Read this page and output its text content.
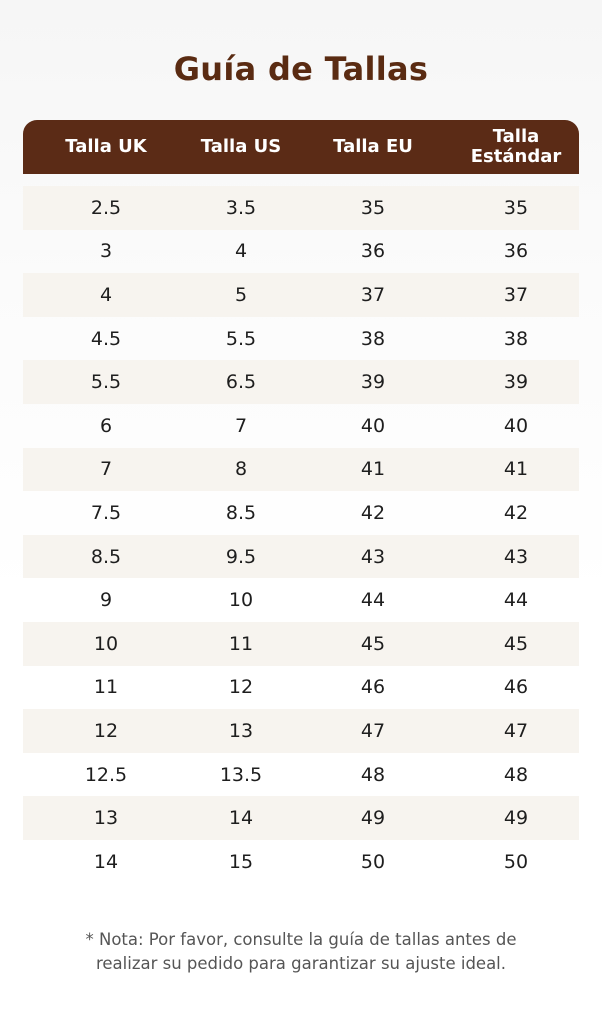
Guía de Tallas
Talla UK	Talla US	Talla EU	Talla
Estándar
2.5	3.5	35	35
3	4	36	36
4	5	37	37
4.5	5.5	38	38
5.5	6.5	39	39
6	7	40	40
7	8	41	41
7.5	8.5	42	42
8.5	9.5	43	43
9	10	44	44
10	11	45	45
11	12	46	46
12	13	47	47
12.5	13.5	48	48
13	14	49	49
14	15	50	50
* Nota: Por favor, consulte la guía de tallas antes de
realizar su pedido para garantizar su ajuste ideal.
